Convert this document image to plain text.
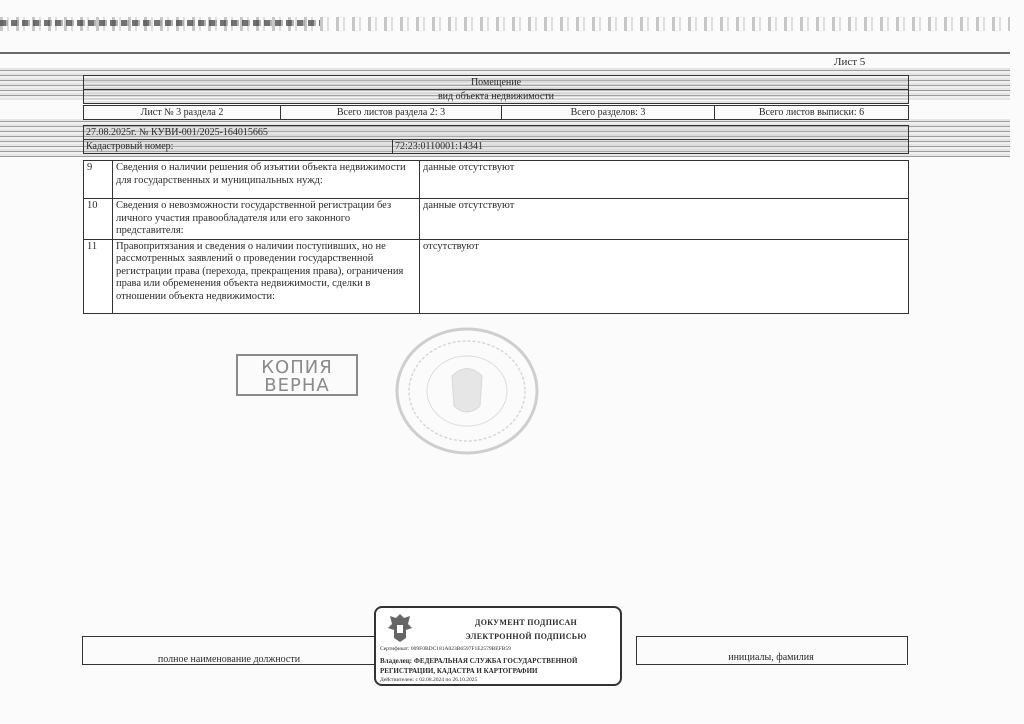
Лист 5
Помещение
вид объекта недвижимости
Лист № 3 раздела 2	Всего листов раздела 2: 3	Всего разделов: 3	Всего листов выписки: 6
27.08.2025г. № КУВИ-001/2025-164015665
Кадастровый номер:	72:23:0110001:14341
9	Сведения о наличии решения об изъятии объекта недвижимости для государственных и муниципальных нужд:	данные отсутствуют
10	Сведения о невозможности государственной регистрации без личного участия правообладателя или его законного представителя:	данные отсутствуют
11	Правопритязания и сведения о наличии поступивших, но не рассмотренных заявлений о проведении государственной регистрации права (перехода, прекращения права), ограничения права или обременения объекта недвижимости, сделки в отношении объекта недвижимости:	отсутствуют
КОПИЯ
ВЕРНА
полное наименование должности	инициалы, фамилия
ДОКУМЕНТ ПОДПИСАН
ЭЛЕКТРОННОЙ ПОДПИСЬЮ
Сертификат: 009F0BDC181A023B6597F1E2579BEFB59
Владелец: ФЕДЕРАЛЬНАЯ СЛУЖБА ГОСУДАРСТВЕННОЙ
РЕГИСТРАЦИИ, КАДАСТРА И КАРТОГРАФИИ
Действителен: с 02.08.2024 по 26.10.2025
